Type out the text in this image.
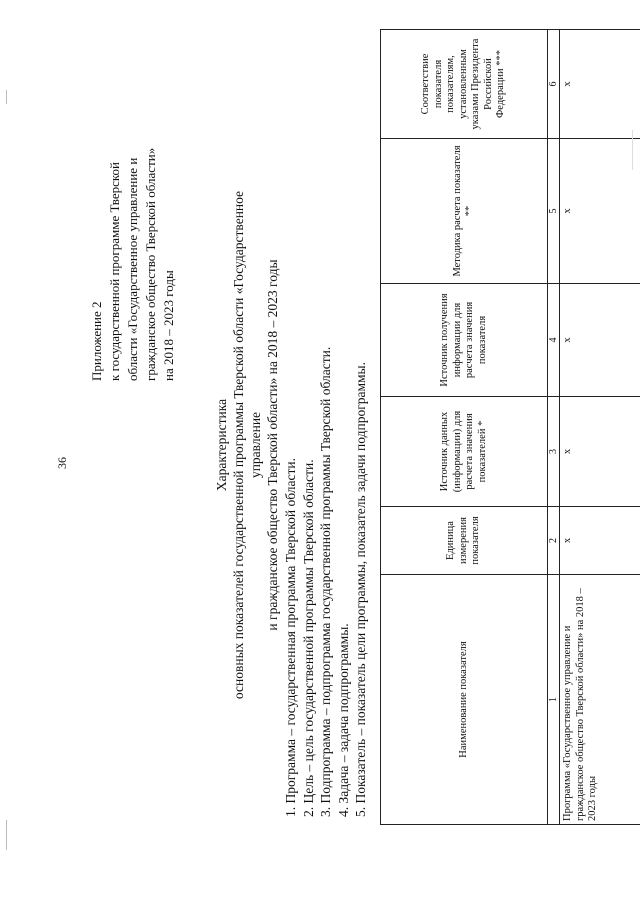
36
Приложение 2 к государственной программе Тверской области «Государственное управление и гражданское общество Тверской области» на 2018 – 2023 годы
Характеристика основных показателей государственной программы Тверской области «Государственное управление и гражданское общество Тверской области» на 2018 – 2023 годы
1. Программа – государственная программа Тверской области. 2. Цель – цель государственной программы Тверской области. 3. Подпрограмма – подпрограмма государственной программы Тверской области. 4. Задача – задача подпрограммы. 5. Показатель – показатель цели программы, показатель задачи подпрограммы.	Наименование показателя	Единица измерения показателя	Источник данных (информации) для расчета значения показателей *	Источник получения информации для расчета значения показателя	Методика расчета показателя **	Соответствие показателя показателям, установленным указами Президента Российской Федерации ***
1	2	3	4	5	6
Программа «Государственное управление и гражданское общество Тверской области» на 2018 – 2023 годы	х	х	х	х	х
